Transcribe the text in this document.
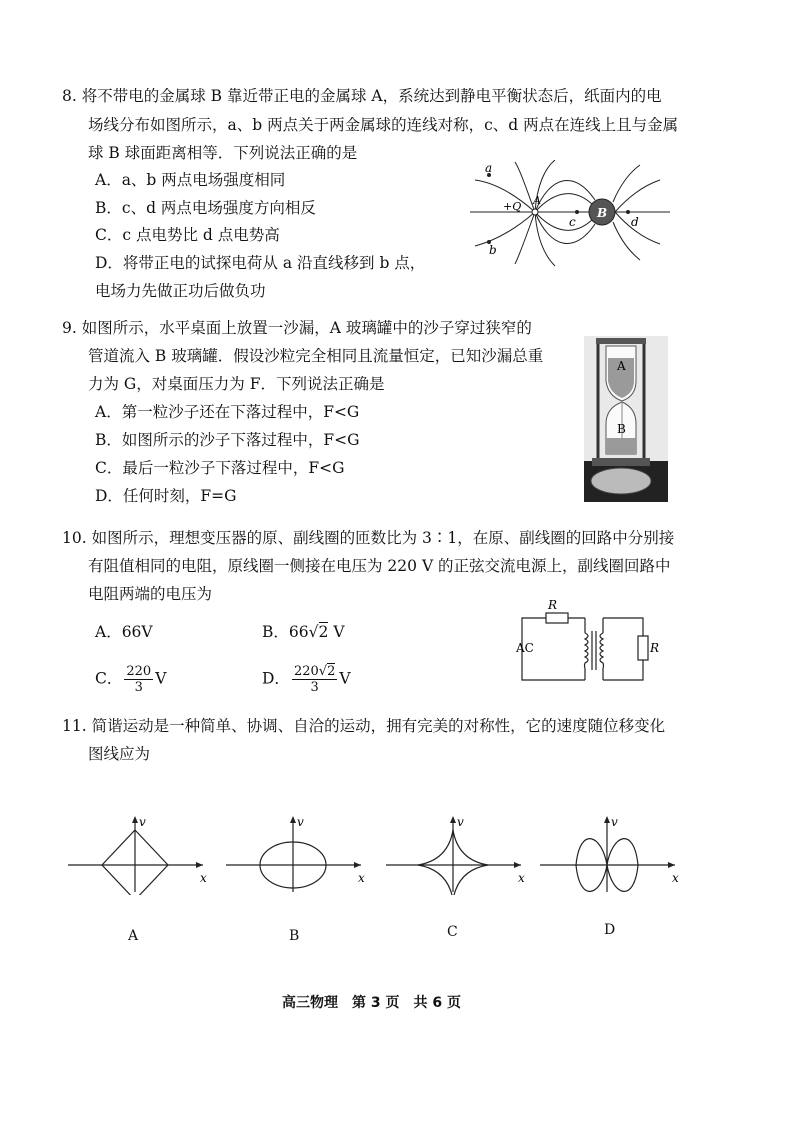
8. 将不带电的金属球 B 靠近带正电的金属球 A，系统达到静电平衡状态后，纸面内的电
场线分布如图所示，a、b 两点关于两金属球的连线对称，c、d 两点在连线上且与金属
球 B 球面距离相等．下列说法正确的是
A．a、b 两点电场强度相同
B．c、d 两点电场强度方向相反
C．c 点电势比 d 点电势高
D．将带正电的试探电荷从 a 沿直线移到 b 点，
电场力先做正功后做负功
a
b
c	d
A
B
+Q
9. 如图所示，水平桌面上放置一沙漏，A 玻璃罐中的沙子穿过狭窄的
管道流入 B 玻璃罐．假设沙粒完全相同且流量恒定，已知沙漏总重
力为 G，对桌面压力为 F．下列说法正确是
A．第一粒沙子还在下落过程中，F<G
B．如图所示的沙子下落过程中，F<G
C．最后一粒沙子下落过程中，F<G
D．任何时刻，F=G
A
B
10. 如图所示，理想变压器的原、副线圈的匝数比为 3∶1，在原、副线圈的回路中分别接
有阻值相同的电阻，原线圈一侧接在电压为 220 V 的正弦交流电源上，副线圈回路中
电阻两端的电压为
A．66V	B．66√2 V
C． $\frac{220}{3}$ V	D． $\frac{220√2}{3}$ V
R
R
AC
11. 简谐运动是一种简单、协调、自洽的运动，拥有完美的对称性，它的速度随位移变化
图线应为
v
x
A
v
x
B
v
x
C
v
x
D
高三物理　第 3 页　共 6 页
